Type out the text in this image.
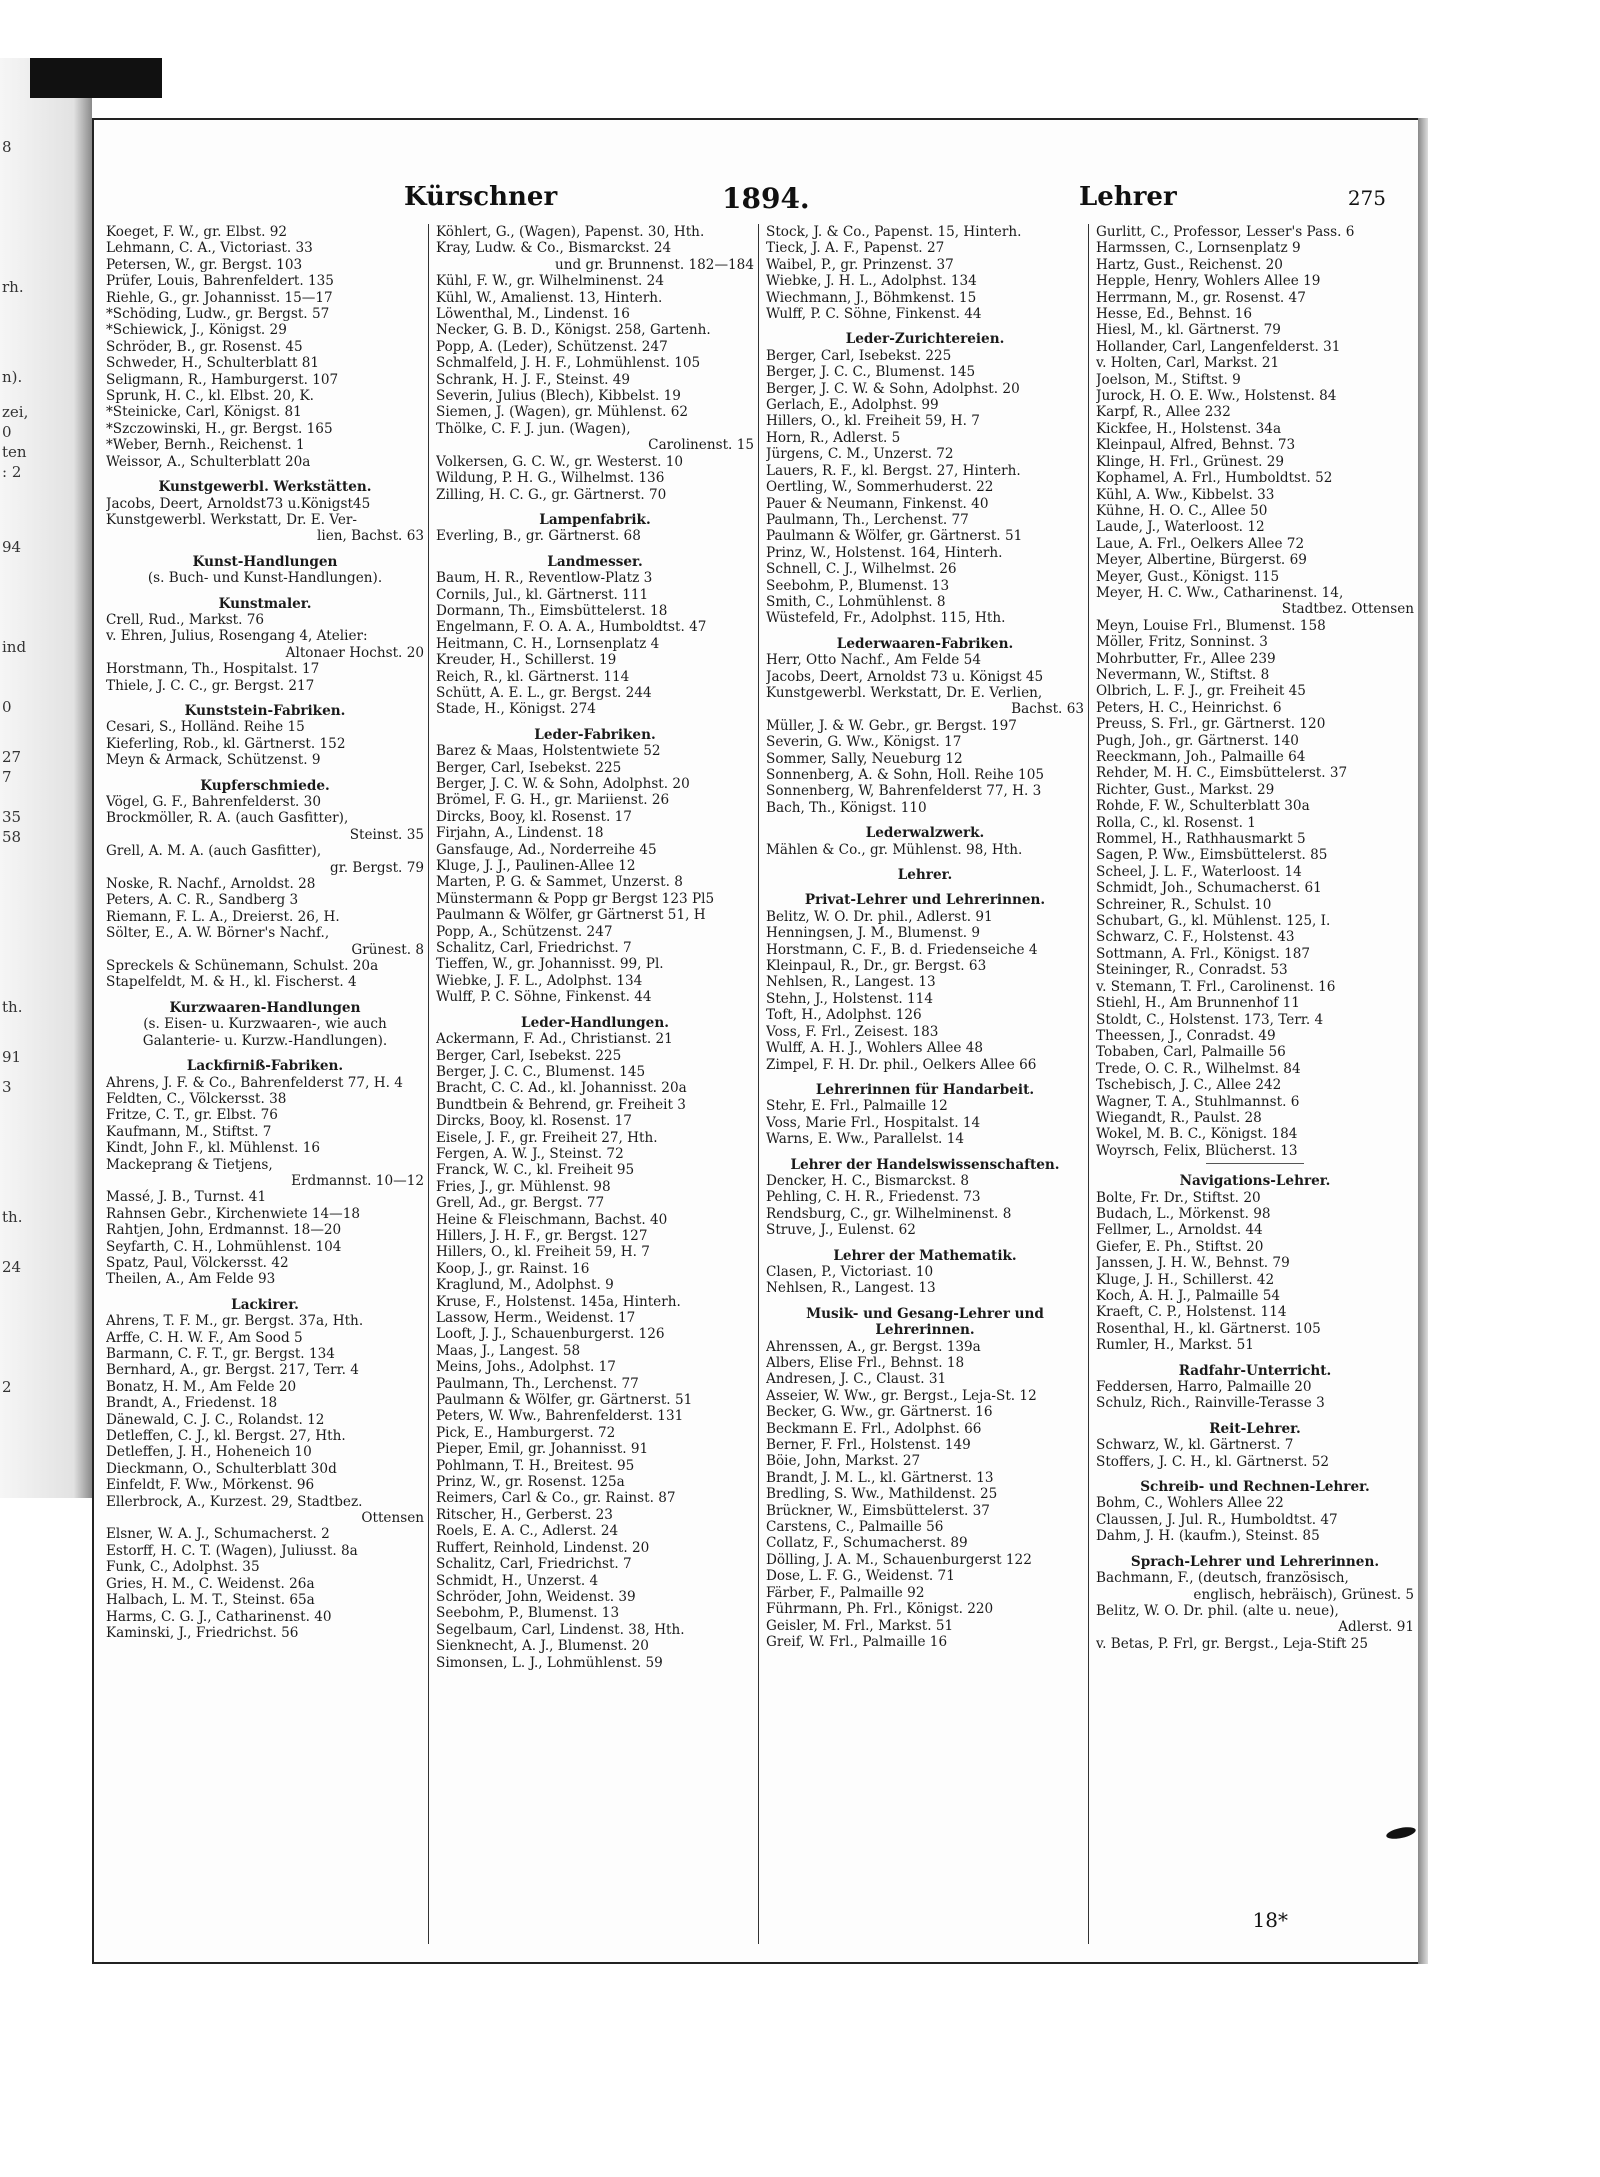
8
rh.
n).
zei,
0
ten
: 2
94
ind
0
27
7
35
58
th.
91
3
th.
24
2
Kürschner	1894.	Lehrer	275
Koeget, F. W., gr. Elbst. 92
Lehmann, C. A., Victoriast. 33
Petersen, W., gr. Bergst. 103
Prüfer, Louis, Bahrenfeldert. 135
Riehle, G., gr. Johannisst. 15—17
*Schöding, Ludw., gr. Bergst. 57
*Schiewick, J., Königst. 29
Schröder, B., gr. Rosenst. 45
Schweder, H., Schulterblatt 81
Seligmann, R., Hamburgerst. 107
Sprunk, H. C., kl. Elbst. 20, K.
*Steinicke, Carl, Königst. 81
*Szczowinski, H., gr. Bergst. 165
*Weber, Bernh., Reichenst. 1
Weissor, A., Schulterblatt 20a
Kunstgewerbl. Werkstätten.
Jacobs, Deert, Arnoldst73 u.Königst45
Kunstgewerbl. Werkstatt, Dr. E. Ver-
lien, Bachst. 63
Kunst-Handlungen
(s. Buch- und Kunst-Handlungen).
Kunstmaler.
Crell, Rud., Markst. 76
v. Ehren, Julius, Rosengang 4, Atelier:
Altonaer Hochst. 20
Horstmann, Th., Hospitalst. 17
Thiele, J. C. C., gr. Bergst. 217
Kunststein-Fabriken.
Cesari, S., Holländ. Reihe 15
Kieferling, Rob., kl. Gärtnerst. 152
Meyn & Armack, Schützenst. 9
Kupferschmiede.
Vögel, G. F., Bahrenfelderst. 30
Brockmöller, R. A. (auch Gasfitter),
Steinst. 35
Grell, A. M. A. (auch Gasfitter),
gr. Bergst. 79
Noske, R. Nachf., Arnoldst. 28
Peters, A. C. R., Sandberg 3
Riemann, F. L. A., Dreierst. 26, H.
Sölter, E., A. W. Börner's Nachf.,
Grünest. 8
Spreckels & Schünemann, Schulst. 20a
Stapelfeldt, M. & H., kl. Fischerst. 4
Kurzwaaren-Handlungen
(s. Eisen- u. Kurzwaaren-, wie auch
Galanterie- u. Kurzw.-Handlungen).
Lackfirniß-Fabriken.
Ahrens, J. F. & Co., Bahrenfelderst 77, H. 4
Feldten, C., Völckersst. 38
Fritze, C. T., gr. Elbst. 76
Kaufmann, M., Stiftst. 7
Kindt, John F., kl. Mühlenst. 16
Mackeprang & Tietjens,
Erdmannst. 10—12
Massé, J. B., Turnst. 41
Rahnsen Gebr., Kirchenwiete 14—18
Rahtjen, John, Erdmannst. 18—20
Seyfarth, C. H., Lohmühlenst. 104
Spatz, Paul, Völckersst. 42
Theilen, A., Am Felde 93
Lackirer.
Ahrens, T. F. M., gr. Bergst. 37a, Hth.
Arffe, C. H. W. F., Am Sood 5
Barmann, C. F. T., gr. Bergst. 134
Bernhard, A., gr. Bergst. 217, Terr. 4
Bonatz, H. M., Am Felde 20
Brandt, A., Friedenst. 18
Dänewald, C. J. C., Rolandst. 12
Detleffen, C. J., kl. Bergst. 27, Hth.
Detleffen, J. H., Hoheneich 10
Dieckmann, O., Schulterblatt 30d
Einfeldt, F. Ww., Mörkenst. 96
Ellerbrock, A., Kurzest. 29, Stadtbez.
Ottensen
Elsner, W. A. J., Schumacherst. 2
Estorff, H. C. T. (Wagen), Juliusst. 8a
Funk, C., Adolphst. 35
Gries, H. M., C. Weidenst. 26a
Halbach, L. M. T., Steinst. 65a
Harms, C. G. J., Catharinenst. 40
Kaminski, J., Friedrichst. 56
Köhlert, G., (Wagen), Papenst. 30, Hth.
Kray, Ludw. & Co., Bismarckst. 24
und gr. Brunnenst. 182—184
Kühl, F. W., gr. Wilhelminenst. 24
Kühl, W., Amalienst. 13, Hinterh.
Löwenthal, M., Lindenst. 16
Necker, G. B. D., Königst. 258, Gartenh.
Popp, A. (Leder), Schützenst. 247
Schmalfeld, J. H. F., Lohmühlenst. 105
Schrank, H. J. F., Steinst. 49
Severin, Julius (Blech), Kibbelst. 19
Siemen, J. (Wagen), gr. Mühlenst. 62
Thölke, C. F. J. jun. (Wagen),
Carolinenst. 15
Volkersen, G. C. W., gr. Westerst. 10
Wildung, P. H. G., Wilhelmst. 136
Zilling, H. C. G., gr. Gärtnerst. 70
Lampenfabrik.
Everling, B., gr. Gärtnerst. 68
Landmesser.
Baum, H. R., Reventlow-Platz 3
Cornils, Jul., kl. Gärtnerst. 111
Dormann, Th., Eimsbüttelerst. 18
Engelmann, F. O. A. A., Humboldtst. 47
Heitmann, C. H., Lornsenplatz 4
Kreuder, H., Schillerst. 19
Reich, R., kl. Gärtnerst. 114
Schütt, A. E. L., gr. Bergst. 244
Stade, H., Königst. 274
Leder-Fabriken.
Barez & Maas, Holstentwiete 52
Berger, Carl, Isebekst. 225
Berger, J. C. W. & Sohn, Adolphst. 20
Brömel, F. G. H., gr. Mariienst. 26
Dircks, Booy, kl. Rosenst. 17
Firjahn, A., Lindenst. 18
Gansfauge, Ad., Norderreihe 45
Kluge, J. J., Paulinen-Allee 12
Marten, P. G. & Sammet, Unzerst. 8
Münstermann & Popp gr Bergst 123 Pl5
Paulmann & Wölfer, gr Gärtnerst 51, H
Popp, A., Schützenst. 247
Schalitz, Carl, Friedrichst. 7
Tieffen, W., gr. Johannisst. 99, Pl.
Wiebke, J. F. L., Adolphst. 134
Wulff, P. C. Söhne, Finkenst. 44
Leder-Handlungen.
Ackermann, F. Ad., Christianst. 21
Berger, Carl, Isebekst. 225
Berger, J. C. C., Blumenst. 145
Bracht, C. C. Ad., kl. Johannisst. 20a
Bundtbein & Behrend, gr. Freiheit 3
Dircks, Booy, kl. Rosenst. 17
Eisele, J. F., gr. Freiheit 27, Hth.
Fergen, A. W. J., Steinst. 72
Franck, W. C., kl. Freiheit 95
Fries, J., gr. Mühlenst. 98
Grell, Ad., gr. Bergst. 77
Heine & Fleischmann, Bachst. 40
Hillers, J. H. F., gr. Bergst. 127
Hillers, O., kl. Freiheit 59, H. 7
Koop, J., gr. Rainst. 16
Kraglund, M., Adolphst. 9
Kruse, F., Holstenst. 145a, Hinterh.
Lassow, Herm., Weidenst. 17
Looft, J. J., Schauenburgerst. 126
Maas, J., Langest. 58
Meins, Johs., Adolphst. 17
Paulmann, Th., Lerchenst. 77
Paulmann & Wölfer, gr. Gärtnerst. 51
Peters, W. Ww., Bahrenfelderst. 131
Pick, E., Hamburgerst. 72
Pieper, Emil, gr. Johannisst. 91
Pohlmann, T. H., Breitest. 95
Prinz, W., gr. Rosenst. 125a
Reimers, Carl & Co., gr. Rainst. 87
Ritscher, H., Gerberst. 23
Roels, E. A. C., Adlerst. 24
Ruffert, Reinhold, Lindenst. 20
Schalitz, Carl, Friedrichst. 7
Schmidt, H., Unzerst. 4
Schröder, John, Weidenst. 39
Seebohm, P., Blumenst. 13
Segelbaum, Carl, Lindenst. 38, Hth.
Sienknecht, A. J., Blumenst. 20
Simonsen, L. J., Lohmühlenst. 59
Stock, J. & Co., Papenst. 15, Hinterh.
Tieck, J. A. F., Papenst. 27
Waibel, P., gr. Prinzenst. 37
Wiebke, J. H. L., Adolphst. 134
Wiechmann, J., Böhmkenst. 15
Wulff, P. C. Söhne, Finkenst. 44
Leder-Zurichtereien.
Berger, Carl, Isebekst. 225
Berger, J. C. C., Blumenst. 145
Berger, J. C. W. & Sohn, Adolphst. 20
Gerlach, E., Adolphst. 99
Hillers, O., kl. Freiheit 59, H. 7
Horn, R., Adlerst. 5
Jürgens, C. M., Unzerst. 72
Lauers, R. F., kl. Bergst. 27, Hinterh.
Oertling, W., Sommerhuderst. 22
Pauer & Neumann, Finkenst. 40
Paulmann, Th., Lerchenst. 77
Paulmann & Wölfer, gr. Gärtnerst. 51
Prinz, W., Holstenst. 164, Hinterh.
Schnell, C. J., Wilhelmst. 26
Seebohm, P., Blumenst. 13
Smith, C., Lohmühlenst. 8
Wüstefeld, Fr., Adolphst. 115, Hth.
Lederwaaren-Fabriken.
Herr, Otto Nachf., Am Felde 54
Jacobs, Deert, Arnoldst 73 u. Königst 45
Kunstgewerbl. Werkstatt, Dr. E. Verlien,
Bachst. 63
Müller, J. & W. Gebr., gr. Bergst. 197
Severin, G. Ww., Königst. 17
Sommer, Sally, Neueburg 12
Sonnenberg, A. & Sohn, Holl. Reihe 105
Sonnenberg, W, Bahrenfelderst 77, H. 3
Bach, Th., Königst. 110
Lederwalzwerk.
Mählen & Co., gr. Mühlenst. 98, Hth.
Lehrer.
Privat-Lehrer und Lehrerinnen.
Belitz, W. O. Dr. phil., Adlerst. 91
Henningsen, J. M., Blumenst. 9
Horstmann, C. F., B. d. Friedenseiche 4
Kleinpaul, R., Dr., gr. Bergst. 63
Nehlsen, R., Langest. 13
Stehn, J., Holstenst. 114
Toft, H., Adolphst. 126
Voss, F. Frl., Zeisest. 183
Wulff, A. H. J., Wohlers Allee 48
Zimpel, F. H. Dr. phil., Oelkers Allee 66
Lehrerinnen für Handarbeit.
Stehr, E. Frl., Palmaille 12
Voss, Marie Frl., Hospitalst. 14
Warns, E. Ww., Parallelst. 14
Lehrer der Handelswissenschaften.
Dencker, H. C., Bismarckst. 8
Pehling, C. H. R., Friedenst. 73
Rendsburg, C., gr. Wilhelminenst. 8
Struve, J., Eulenst. 62
Lehrer der Mathematik.
Clasen, P., Victoriast. 10
Nehlsen, R., Langest. 13
Musik- und Gesang-Lehrer und
Lehrerinnen.
Ahrenssen, A., gr. Bergst. 139a
Albers, Elise Frl., Behnst. 18
Andresen, J. C., Claust. 31
Asseier, W. Ww., gr. Bergst., Leja-St. 12
Becker, G. Ww., gr. Gärtnerst. 16
Beckmann E. Frl., Adolphst. 66
Berner, F. Frl., Holstenst. 149
Böie, John, Markst. 27
Brandt, J. M. L., kl. Gärtnerst. 13
Bredling, S. Ww., Mathildenst. 25
Brückner, W., Eimsbüttelerst. 37
Carstens, C., Palmaille 56
Collatz, F., Schumacherst. 89
Dölling, J. A. M., Schauenburgerst 122
Dose, L. F. G., Weidenst. 71
Färber, F., Palmaille 92
Führmann, Ph. Frl., Königst. 220
Geisler, M. Frl., Markst. 51
Greif, W. Frl., Palmaille 16
Gurlitt, C., Professor, Lesser's Pass. 6
Harmssen, C., Lornsenplatz 9
Hartz, Gust., Reichenst. 20
Hepple, Henry, Wohlers Allee 19
Herrmann, M., gr. Rosenst. 47
Hesse, Ed., Behnst. 16
Hiesl, M., kl. Gärtnerst. 79
Hollander, Carl, Langenfelderst. 31
v. Holten, Carl, Markst. 21
Joelson, M., Stiftst. 9
Jurock, H. O. E. Ww., Holstenst. 84
Karpf, R., Allee 232
Kickfee, H., Holstenst. 34a
Kleinpaul, Alfred, Behnst. 73
Klinge, H. Frl., Grünest. 29
Kophamel, A. Frl., Humboldtst. 52
Kühl, A. Ww., Kibbelst. 33
Kühne, H. O. C., Allee 50
Laude, J., Waterloost. 12
Laue, A. Frl., Oelkers Allee 72
Meyer, Albertine, Bürgerst. 69
Meyer, Gust., Königst. 115
Meyer, H. C. Ww., Catharinenst. 14,
Stadtbez. Ottensen
Meyn, Louise Frl., Blumenst. 158
Möller, Fritz, Sonninst. 3
Mohrbutter, Fr., Allee 239
Nevermann, W., Stiftst. 8
Olbrich, L. F. J., gr. Freiheit 45
Peters, H. C., Heinrichst. 6
Preuss, S. Frl., gr. Gärtnerst. 120
Pugh, Joh., gr. Gärtnerst. 140
Reeckmann, Joh., Palmaille 64
Rehder, M. H. C., Eimsbüttelerst. 37
Richter, Gust., Markst. 29
Rohde, F. W., Schulterblatt 30a
Rolla, C., kl. Rosenst. 1
Rommel, H., Rathhausmarkt 5
Sagen, P. Ww., Eimsbüttelerst. 85
Scheel, J. L. F., Waterloost. 14
Schmidt, Joh., Schumacherst. 61
Schreiner, R., Schulst. 10
Schubart, G., kl. Mühlenst. 125, I.
Schwarz, C. F., Holstenst. 43
Sottmann, A. Frl., Königst. 187
Steininger, R., Conradst. 53
v. Stemann, T. Frl., Carolinenst. 16
Stiehl, H., Am Brunnenhof 11
Stoldt, C., Holstenst. 173, Terr. 4
Theessen, J., Conradst. 49
Tobaben, Carl, Palmaille 56
Trede, O. C. R., Wilhelmst. 84
Tschebisch, J. C., Allee 242
Wagner, T. A., Stuhlmannst. 6
Wiegandt, R., Paulst. 28
Wokel, M. B. C., Königst. 184
Woyrsch, Felix, Blücherst. 13
Navigations-Lehrer.
Bolte, Fr. Dr., Stiftst. 20
Budach, L., Mörkenst. 98
Fellmer, L., Arnoldst. 44
Giefer, E. Ph., Stiftst. 20
Janssen, J. H. W., Behnst. 79
Kluge, J. H., Schillerst. 42
Koch, A. H. J., Palmaille 54
Kraeft, C. P., Holstenst. 114
Rosenthal, H., kl. Gärtnerst. 105
Rumler, H., Markst. 51
Radfahr-Unterricht.
Feddersen, Harro, Palmaille 20
Schulz, Rich., Rainville-Terasse 3
Reit-Lehrer.
Schwarz, W., kl. Gärtnerst. 7
Stoffers, J. C. H., kl. Gärtnerst. 52
Schreib- und Rechnen-Lehrer.
Bohm, C., Wohlers Allee 22
Claussen, J. Jul. R., Humboldtst. 47
Dahm, J. H. (kaufm.), Steinst. 85
Sprach-Lehrer und Lehrerinnen.
Bachmann, F., (deutsch, französisch,
englisch, hebräisch), Grünest. 5
Belitz, W. O. Dr. phil. (alte u. neue),
Adlerst. 91
v. Betas, P. Frl, gr. Bergst., Leja-Stift 25
18*
